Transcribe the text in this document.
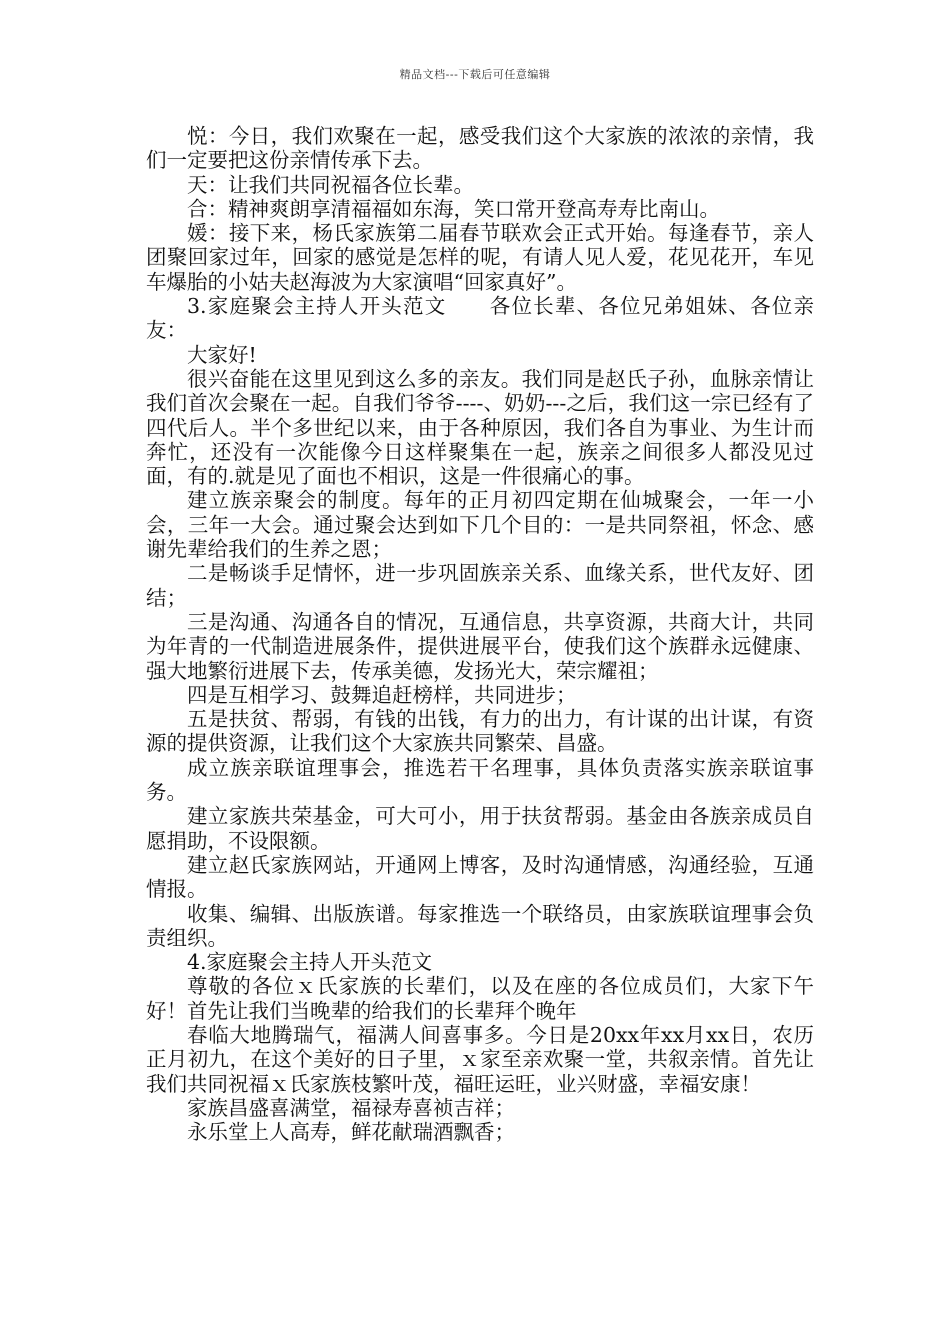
精品文档---下载后可任意编辑

悦：今日，我们欢聚在一起，感受我们这个大家族的浓浓的亲情，我们一定要把这份亲情传承下去。

天：让我们共同祝福各位长辈。

合：精神爽朗享清福福如东海，笑口常开登高寿寿比南山。

媛：接下来，杨氏家族第二届春节联欢会正式开始。每逢春节，亲人团聚回家过年，回家的感觉是怎样的呢，有请人见人爱，花见花开，车见车爆胎的小姑夫赵海波为大家演唱“回家真好”。

3.家庭聚会主持人开头范文　　各位长辈、各位兄弟姐妹、各位亲友：

大家好!

很兴奋能在这里见到这么多的亲友。我们同是赵氏子孙，血脉亲情让我们首次会聚在一起。自我们爷爷----、奶奶---之后，我们这一宗已经有了四代后人。半个多世纪以来，由于各种原因，我们各自为事业、为生计而奔忙，还没有一次能像今日这样聚集在一起，族亲之间很多人都没见过面，有的.就是见了面也不相识，这是一件很痛心的事。

建立族亲聚会的制度。每年的正月初四定期在仙城聚会，一年一小会，三年一大会。通过聚会达到如下几个目的：一是共同祭祖，怀念、感谢先辈给我们的生养之恩；

二是畅谈手足情怀，进一步巩固族亲关系、血缘关系，世代友好、团结；

三是沟通、沟通各自的情况，互通信息，共享资源，共商大计，共同为年青的一代制造进展条件，提供进展平台，使我们这个族群永远健康、强大地繁衍进展下去，传承美德，发扬光大，荣宗耀祖；

四是互相学习、鼓舞追赶榜样，共同进步；

五是扶贫、帮弱，有钱的出钱，有力的出力，有计谋的出计谋，有资源的提供资源，让我们这个大家族共同繁荣、昌盛。

成立族亲联谊理事会，推选若干名理事，具体负责落实族亲联谊事务。

建立家族共荣基金，可大可小，用于扶贫帮弱。基金由各族亲成员自愿捐助，不设限额。

建立赵氏家族网站，开通网上博客，及时沟通情感，沟通经验，互通情报。

收集、编辑、出版族谱。每家推选一个联络员，由家族联谊理事会负责组织。

4.家庭聚会主持人开头范文

尊敬的各位ｘ氏家族的长辈们，以及在座的各位成员们，大家下午好！首先让我们当晚辈的给我们的长辈拜个晚年

春临大地腾瑞气，福满人间喜事多。今日是20xx年xx月xx日，农历正月初九，在这个美好的日子里，ｘ家至亲欢聚一堂，共叙亲情。首先让我们共同祝福ｘ氏家族枝繁叶茂，福旺运旺，业兴财盛，幸福安康！

家族昌盛喜满堂，福禄寿喜祯吉祥；

永乐堂上人高寿，鲜花献瑞酒飘香；
